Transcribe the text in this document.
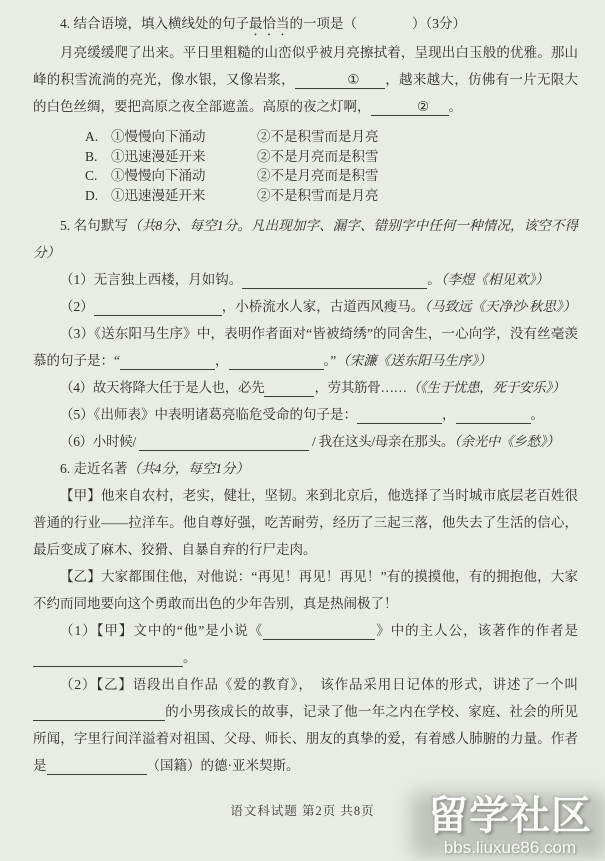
4. 结合语境，填入横线处的句子最恰当的一项是（	）（3分）

月亮缓缓爬了出来。平日里粗糙的山峦似乎被月亮擦拭着，呈现出白玉般的优雅。那山峰的积雪流淌的亮光，像水银，又像岩浆，	① ，越来越大，仿佛有一片无限大的白色丝绸，要把高原之夜全部遮盖。高原的夜之灯啊，	② 。

A. ①慢慢向下涌动	②不是积雪而是月亮
B.	①迅速漫延开来	②不是月亮而是积雪
C.	①慢慢向下涌动	②不是月亮而是积雪
D. ①迅速漫延开来	②不是积雪而是月亮

5. 名句默写（共8分、每空1分。凡出现加字、漏字、错别字中任何一种情况，该空不得分）

（1）无言独上西楼，月如钩。	。（李煜《相见欢》）

（2）	，小桥流水人家，古道西风瘦马。（马致远《天净沙·秋思》）

（3）《送东阳马生序》中，表明作者面对“皆被绮绣”的同舍生，一心向学，没有丝毫羡慕的句子是：“	，	。”（宋濂《送东阳马生序》）

（4）故天将降大任于是人也，必先	，劳其筋骨……（《生于忧患，死于安乐》）

（5）《出师表》中表明诸葛亮临危受命的句子是：	，	。

（6）小时候/	/ 我在这头/母亲在那头。（余光中《乡愁》）

6. 走近名著（共4分，每空1分）

【甲】他来自农村，老实，健壮，坚韧。来到北京后，他选择了当时城市底层老百姓很普通的行业——拉洋车。他自尊好强，吃苦耐劳，经历了三起三落，他失去了生活的信心，最后变成了麻木、狡猾、自暴自弃的行尸走肉。

【乙】大家都围住他，对他说：“再见！再见！再见！”有的摸摸他，有的拥抱他，大家不约而同地要向这个勇敢而出色的少年告别，真是热闹极了！

（1）【甲】文中的“他”是小说《	》中的主人公，该著作的作者是。

（2）【乙】语段出自作品《爱的教育》，　该作品采用日记体的形式，讲述了一个叫的小男孩成长的故事，记录了他一年之内在学校、家庭、社会的所见所闻，字里行间洋溢着对祖国、父母、师长、朋友的真挚的爱，有着感人肺腑的力量。作者是	（国籍）的德·亚米契斯。

语文科试题 第2页 共8页	留学社区
bbs.liuxue86.com
